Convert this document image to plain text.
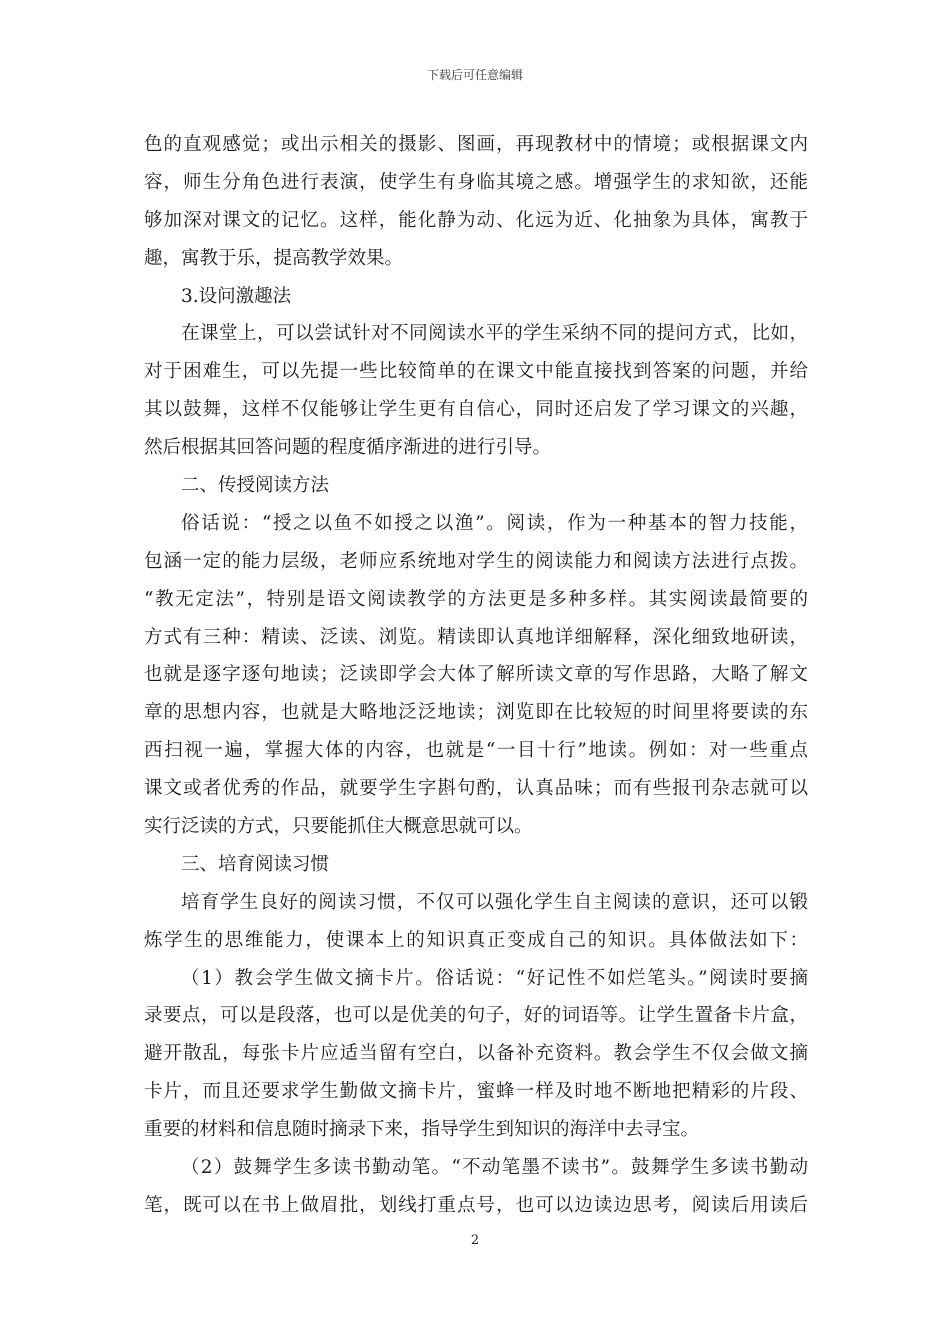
下载后可任意编辑
色的直观感觉；或出示相关的摄影、图画，再现教材中的情境；或根据课文内
容，师生分角色进行表演，使学生有身临其境之感。增强学生的求知欲，还能
够加深对课文的记忆。这样，能化静为动、化远为近、化抽象为具体，寓教于
趣，寓教于乐，提高教学效果。
3.设问激趣法
在课堂上，可以尝试针对不同阅读水平的学生采纳不同的提问方式，比如，
对于困难生，可以先提一些比较简单的在课文中能直接找到答案的问题，并给
其以鼓舞，这样不仅能够让学生更有自信心，同时还启发了学习课文的兴趣，
然后根据其回答问题的程度循序渐进的进行引导。
二、传授阅读方法
俗话说：“授之以鱼不如授之以渔”。阅读，作为一种基本的智力技能，
包涵一定的能力层级，老师应系统地对学生的阅读能力和阅读方法进行点拨。
“教无定法”，特别是语文阅读教学的方法更是多种多样。其实阅读最简要的
方式有三种：精读、泛读、浏览。精读即认真地详细解释，深化细致地研读，
也就是逐字逐句地读；泛读即学会大体了解所读文章的写作思路，大略了解文
章的思想内容，也就是大略地泛泛地读；浏览即在比较短的时间里将要读的东
西扫视一遍，掌握大体的内容，也就是“一目十行”地读。例如：对一些重点
课文或者优秀的作品，就要学生字斟句酌，认真品味；而有些报刊杂志就可以
实行泛读的方式，只要能抓住大概意思就可以。
三、培育阅读习惯
培育学生良好的阅读习惯，不仅可以强化学生自主阅读的意识，还可以锻
炼学生的思维能力，使课本上的知识真正变成自己的知识。具体做法如下：
（1）教会学生做文摘卡片。俗话说：“好记性不如烂笔头。”阅读时要摘
录要点，可以是段落，也可以是优美的句子，好的词语等。让学生置备卡片盒，
避开散乱，每张卡片应适当留有空白，以备补充资料。教会学生不仅会做文摘
卡片，而且还要求学生勤做文摘卡片，蜜蜂一样及时地不断地把精彩的片段、
重要的材料和信息随时摘录下来，指导学生到知识的海洋中去寻宝。
（2）鼓舞学生多读书勤动笔。“不动笔墨不读书”。鼓舞学生多读书勤动
笔，既可以在书上做眉批，划线打重点号，也可以边读边思考，阅读后用读后
2
